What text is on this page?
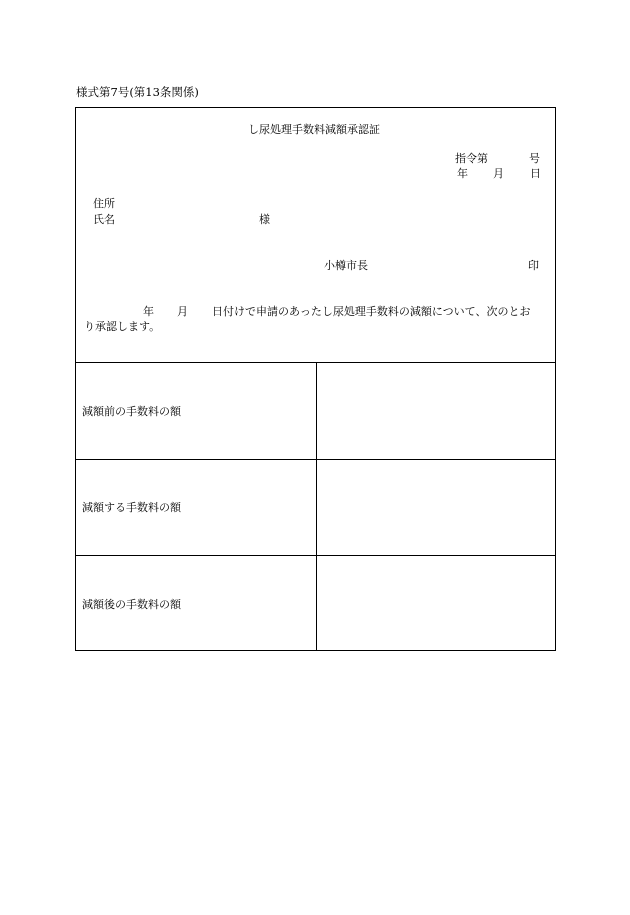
様式第7号(第13条関係)
し尿処理手数料減額承認証
指令第	号
年 月 日
住所
氏名	様
小樽市長	印
年 月 日付けで申請のあったし尿処理手数料の減額について、次のとお
り承認します。
減額前の手数料の額
減額する手数料の額
減額後の手数料の額
